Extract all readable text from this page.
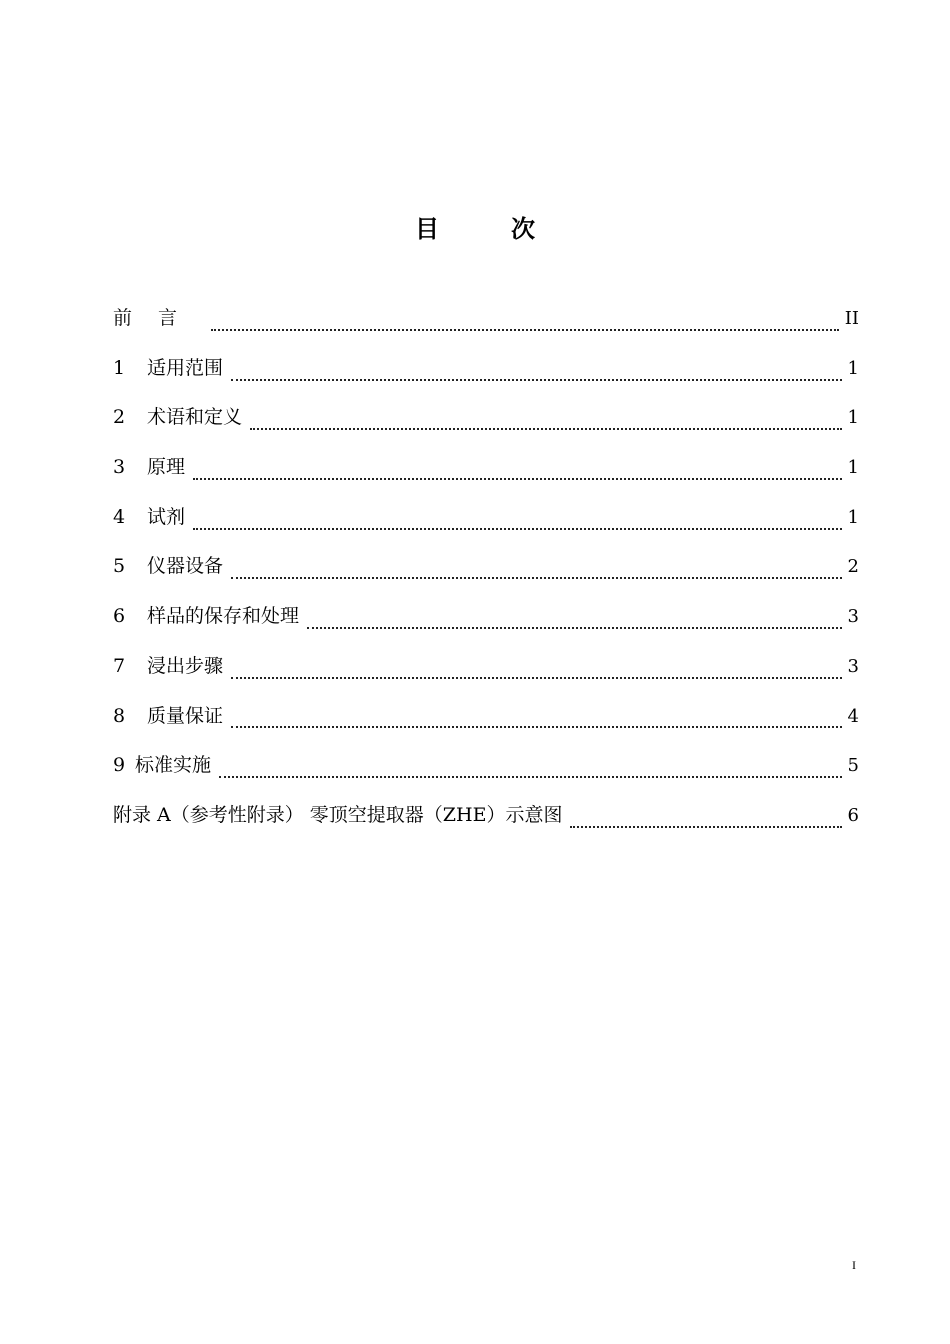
目　次
前言	II
1	适用范围	1
2	术语和定义	1
3	原理	1
4	试剂	1
5	仪器设备	2
6	样品的保存和处理	3
7	浸出步骤	3
8	质量保证	4
9 标准实施	5
附录 A（参考性附录） 零顶空提取器（ZHE）示意图	6
I
